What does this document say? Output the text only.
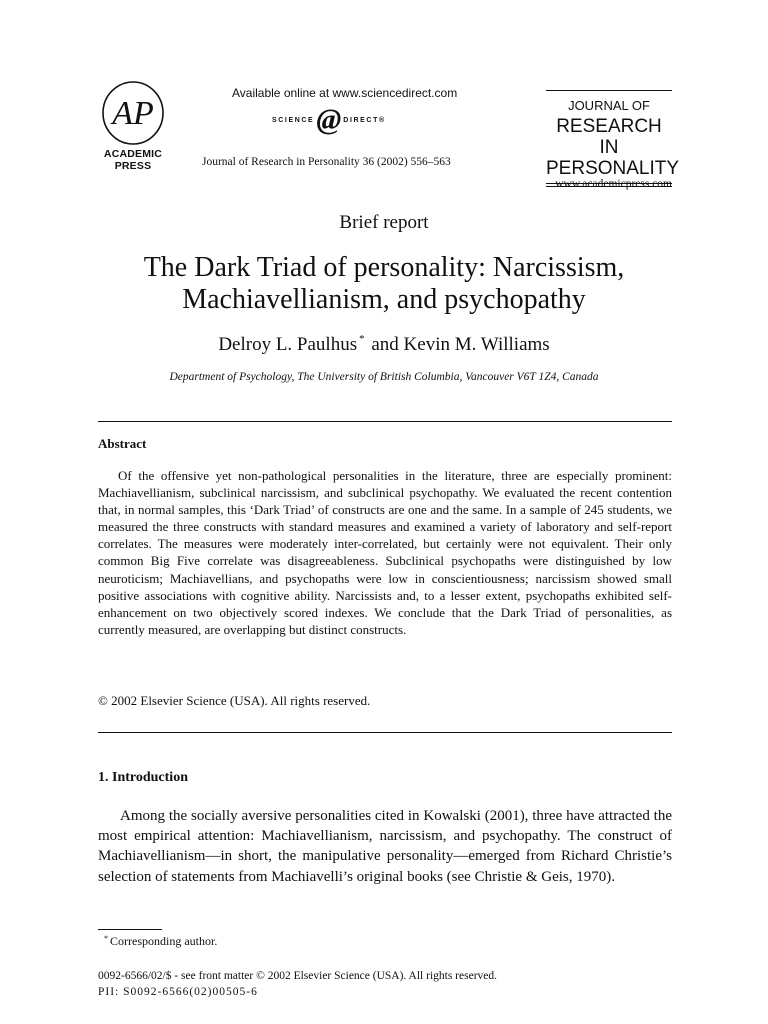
AP
ACADEMIC
PRESS
Available online at www.sciencedirect.com
SCIENCE @ DIRECT®
Journal of Research in Personality 36 (2002) 556–563
JOURNAL OF
RESEARCH IN
PERSONALITY
www.academicpress.com
Brief report
The Dark Triad of personality: Narcissism,
Machiavellianism, and psychopathy
Delroy L. Paulhus * and Kevin M. Williams
Department of Psychology, The University of British Columbia, Vancouver V6T 1Z4, Canada
Abstract

Of the offensive yet non-pathological personalities in the literature, three are especially prominent: Machiavellianism, subclinical narcissism, and subclinical psychopathy. We evaluated the recent contention that, in normal samples, this ‘Dark Triad’ of constructs are one and the same. In a sample of 245 students, we measured the three constructs with standard measures and examined a variety of laboratory and self-report correlates. The measures were moderately inter-correlated, but certainly were not equivalent. Their only common Big Five correlate was disagreeableness. Subclinical psychopaths were distinguished by low neuroticism; Machiavellians, and psychopaths were low in conscientiousness; narcissism showed small positive associations with cognitive ability. Narcissists and, to a lesser extent, psychopaths exhibited self-enhancement on two objectively scored indexes. We conclude that the Dark Triad of personalities, as currently measured, are overlapping but distinct constructs.

© 2002 Elsevier Science (USA). All rights reserved.
1. Introduction

Among the socially aversive personalities cited in Kowalski (2001), three have attracted the most empirical attention: Machiavellianism, narcissism, and psychopathy. The construct of Machiavellianism—in short, the manipulative personality—emerged from Richard Christie’s selection of statements from Machiavelli’s original books (see Christie & Geis, 1970).

* Corresponding author.
0092-6566/02/$ - see front matter © 2002 Elsevier Science (USA). All rights reserved.
PII: S0092-6566(02)00505-6
